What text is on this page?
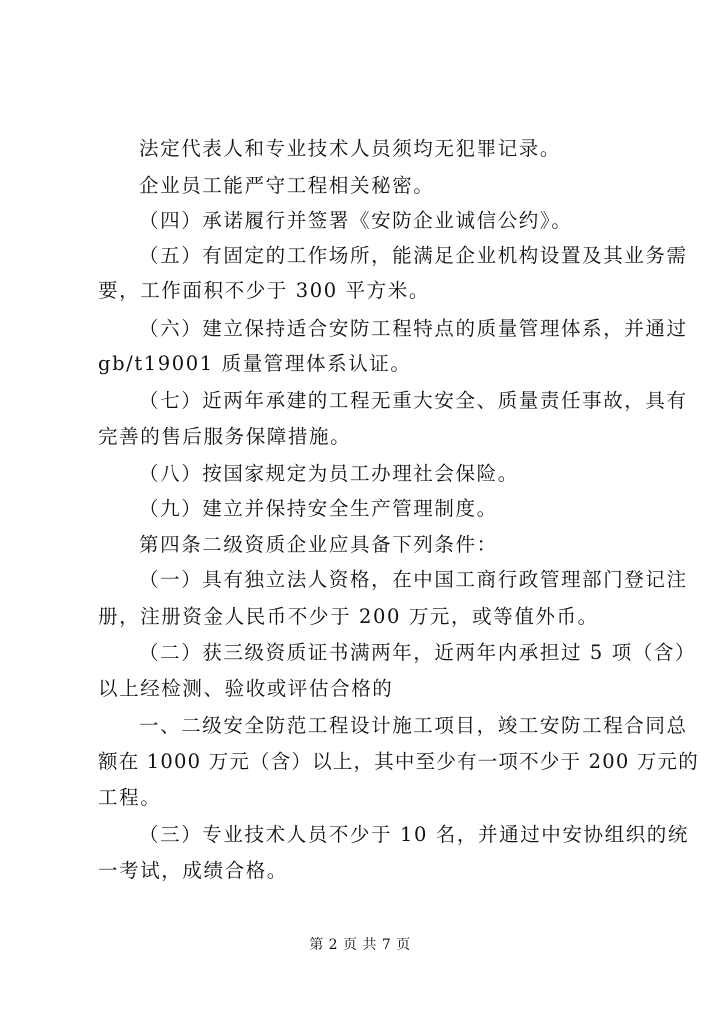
法定代表人和专业技术人员须均无犯罪记录。
企业员工能严守工程相关秘密。
（四）承诺履行并签署《安防企业诚信公约》。
（五）有固定的工作场所，能满足企业机构设置及其业务需
要，工作面积不少于 300 平方米。
（六）建立保持适合安防工程特点的质量管理体系，并通过
gb/t19001 质量管理体系认证。
（七）近两年承建的工程无重大安全、质量责任事故，具有
完善的售后服务保障措施。
（八）按国家规定为员工办理社会保险。
（九）建立并保持安全生产管理制度。
第四条二级资质企业应具备下列条件：
（一）具有独立法人资格，在中国工商行政管理部门登记注
册，注册资金人民币不少于 200 万元，或等值外币。
（二）获三级资质证书满两年，近两年内承担过 5 项（含）
以上经检测、验收或评估合格的
一、二级安全防范工程设计施工项目，竣工安防工程合同总
额在 1000 万元（含）以上，其中至少有一项不少于 200 万元的
工程。
（三）专业技术人员不少于 10 名，并通过中安协组织的统
一考试，成绩合格。
第 2 页 共 7 页
